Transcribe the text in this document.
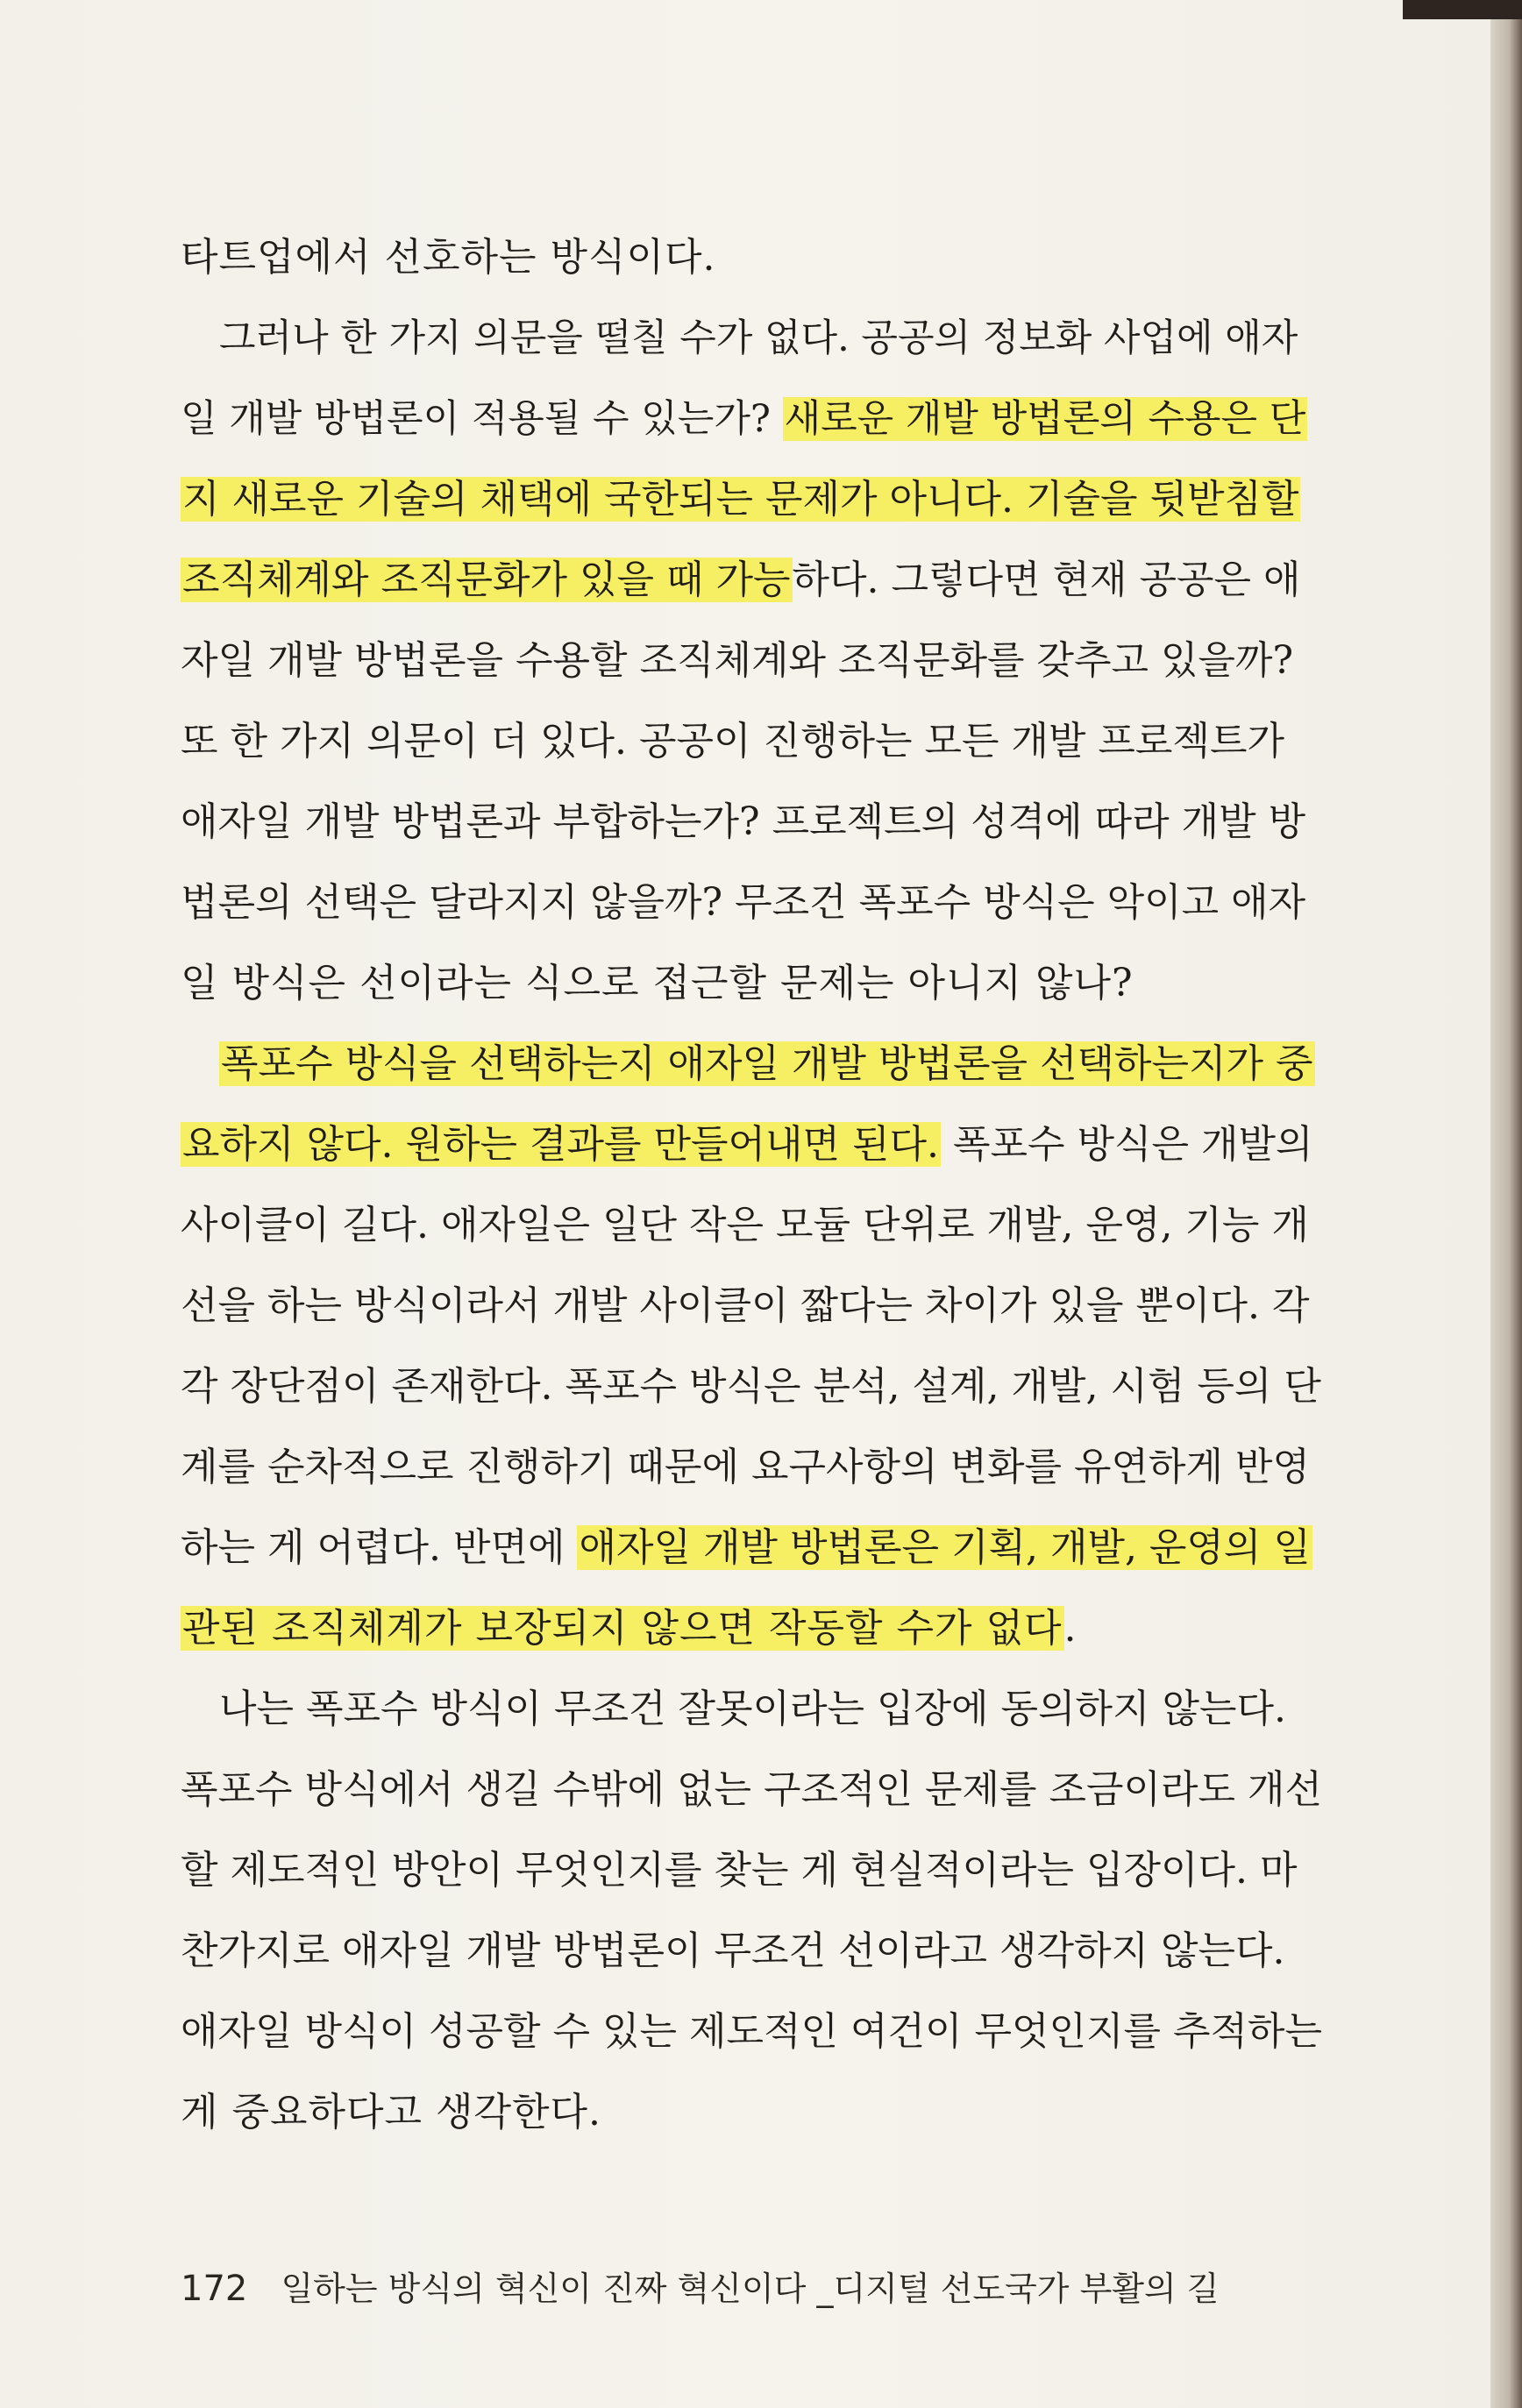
타트업에서 선호하는 방식이다.
그러나 한 가지 의문을 떨칠 수가 없다. 공공의 정보화 사업에 애자
일 개발 방법론이 적용될 수 있는가? 새로운 개발 방법론의 수용은 단
지 새로운 기술의 채택에 국한되는 문제가 아니다. 기술을 뒷받침할
조직체계와 조직문화가 있을 때 가능하다. 그렇다면 현재 공공은 애
자일 개발 방법론을 수용할 조직체계와 조직문화를 갖추고 있을까?
또 한 가지 의문이 더 있다. 공공이 진행하는 모든 개발 프로젝트가
애자일 개발 방법론과 부합하는가? 프로젝트의 성격에 따라 개발 방
법론의 선택은 달라지지 않을까? 무조건 폭포수 방식은 악이고 애자
일 방식은 선이라는 식으로 접근할 문제는 아니지 않나?
폭포수 방식을 선택하는지 애자일 개발 방법론을 선택하는지가 중
요하지 않다. 원하는 결과를 만들어내면 된다. 폭포수 방식은 개발의
사이클이 길다. 애자일은 일단 작은 모듈 단위로 개발, 운영, 기능 개
선을 하는 방식이라서 개발 사이클이 짧다는 차이가 있을 뿐이다. 각
각 장단점이 존재한다. 폭포수 방식은 분석, 설계, 개발, 시험 등의 단
계를 순차적으로 진행하기 때문에 요구사항의 변화를 유연하게 반영
하는 게 어렵다. 반면에 애자일 개발 방법론은 기획, 개발, 운영의 일
관된 조직체계가 보장되지 않으면 작동할 수가 없다.
나는 폭포수 방식이 무조건 잘못이라는 입장에 동의하지 않는다.
폭포수 방식에서 생길 수밖에 없는 구조적인 문제를 조금이라도 개선
할 제도적인 방안이 무엇인지를 찾는 게 현실적이라는 입장이다. 마
찬가지로 애자일 개발 방법론이 무조건 선이라고 생각하지 않는다.
애자일 방식이 성공할 수 있는 제도적인 여건이 무엇인지를 추적하는
게 중요하다고 생각한다.
172 일하는 방식의 혁신이 진짜 혁신이다 _디지털 선도국가 부활의 길
